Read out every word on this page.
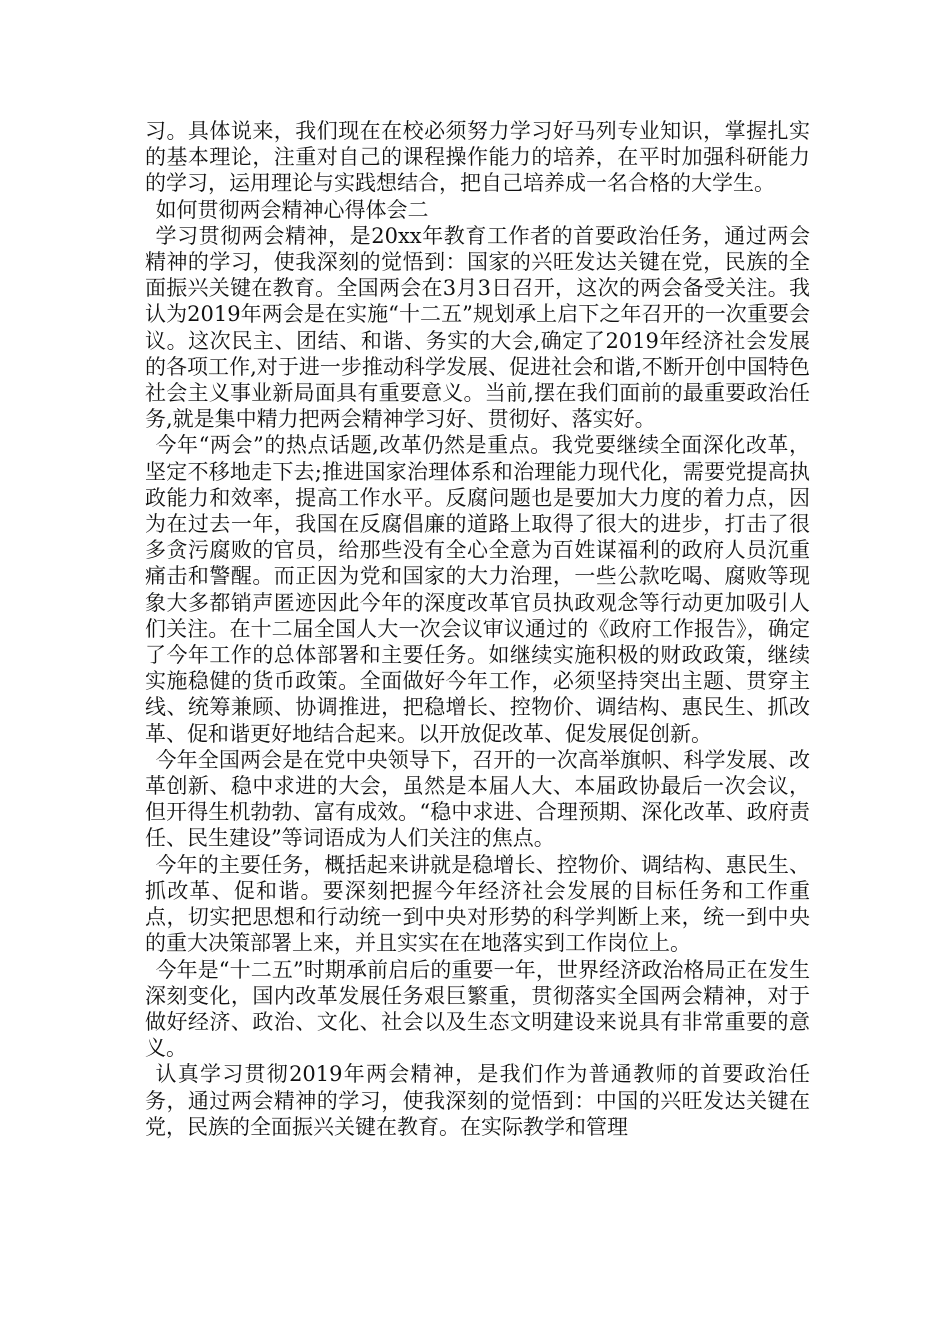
习。具体说来，我们现在在校必须努力学习好马列专业知识，掌握扎实的基本理论，注重对自己的课程操作能力的培养，在平时加强科研能力的学习，运用理论与实践想结合，把自己培养成一名合格的大学生。

如何贯彻两会精神心得体会二

学习贯彻两会精神，是20xx年教育工作者的首要政治任务，通过两会精神的学习，使我深刻的觉悟到：国家的兴旺发达关键在党，民族的全面振兴关键在教育。全国两会在3月3日召开，这次的两会备受关注。我认为2019年两会是在实施“十二五”规划承上启下之年召开的一次重要会议。这次民主、团结、和谐、务实的大会,确定了2019年经济社会发展的各项工作,对于进一步推动科学发展、促进社会和谐,不断开创中国特色社会主义事业新局面具有重要意义。当前,摆在我们面前的最重要政治任务,就是集中精力把两会精神学习好、贯彻好、落实好。

今年“两会”的热点话题,改革仍然是重点。我党要继续全面深化改革，坚定不移地走下去;推进国家治理体系和治理能力现代化，需要党提高执政能力和效率，提高工作水平。反腐问题也是要加大力度的着力点，因为在过去一年，我国在反腐倡廉的道路上取得了很大的进步，打击了很多贪污腐败的官员，给那些没有全心全意为百姓谋福利的政府人员沉重痛击和警醒。而正因为党和国家的大力治理，一些公款吃喝、腐败等现象大多都销声匿迹因此今年的深度改革官员执政观念等行动更加吸引人们关注。在十二届全国人大一次会议审议通过的《政府工作报告》，确定了今年工作的总体部署和主要任务。如继续实施积极的财政政策，继续实施稳健的货币政策。全面做好今年工作，必须坚持突出主题、贯穿主线、统筹兼顾、协调推进，把稳增长、控物价、调结构、惠民生、抓改革、促和谐更好地结合起来。以开放促改革、促发展促创新。

今年全国两会是在党中央领导下，召开的一次高举旗帜、科学发展、改革创新、稳中求进的大会，虽然是本届人大、本届政协最后一次会议，但开得生机勃勃、富有成效。“稳中求进、合理预期、深化改革、政府责任、民生建设”等词语成为人们关注的焦点。

今年的主要任务，概括起来讲就是稳增长、控物价、调结构、惠民生、抓改革、促和谐。要深刻把握今年经济社会发展的目标任务和工作重点，切实把思想和行动统一到中央对形势的科学判断上来，统一到中央的重大决策部署上来，并且实实在在地落实到工作岗位上。

今年是“十二五”时期承前启后的重要一年，世界经济政治格局正在发生深刻变化，国内改革发展任务艰巨繁重，贯彻落实全国两会精神，对于做好经济、政治、文化、社会以及生态文明建设来说具有非常重要的意义。

认真学习贯彻2019年两会精神，是我们作为普通教师的首要政治任务，通过两会精神的学习，使我深刻的觉悟到：中国的兴旺发达关键在党，民族的全面振兴关键在教育。在实际教学和管理
